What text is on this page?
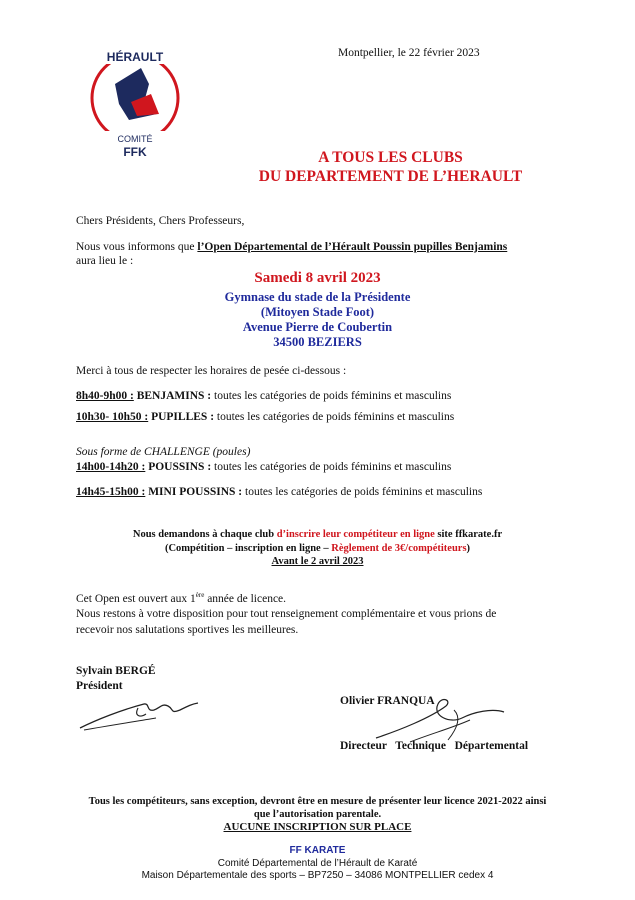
HÉRAULT
COMITÉ
FFK
Montpellier, le 22 février 2023
A TOUS LES CLUBS
DU DEPARTEMENT DE L’HERAULT
Chers Présidents, Chers Professeurs,
Nous vous informons que l’Open Départemental de l’Hérault Poussin pupilles Benjamins
aura lieu le :
Samedi 8 avril 2023
Gymnase du stade de la Présidente
(Mitoyen Stade Foot)
Avenue Pierre de Coubertin
34500 BEZIERS
Merci à tous de respecter les horaires de pesée ci-dessous :
8h40-9h00 : BENJAMINS : toutes les catégories de poids féminins et masculins
10h30- 10h50 : PUPILLES : toutes les catégories de poids féminins et masculins
Sous forme de CHALLENGE (poules)
14h00-14h20 : POUSSINS : toutes les catégories de poids féminins et masculins
14h45-15h00 : MINI POUSSINS : toutes les catégories de poids féminins et masculins
Nous demandons à chaque club d’inscrire leur compétiteur en ligne site ffkarate.fr
(Compétition – inscription en ligne – Règlement de 3€/compétiteurs)
Avant le 2 avril 2023
Cet Open est ouvert aux 1ère année de licence.
Nous restons à votre disposition pour tout renseignement complémentaire et vous prions de
recevoir nos salutations sportives les meilleures.
Sylvain BERGÉ
Président

Olivier FRANQUA

Directeur   Technique   Départemental

Tous les compétiteurs, sans exception, devront être en mesure de présenter leur licence 2021-2022 ainsi
que l’autorisation parentale.
AUCUNE INSCRIPTION SUR PLACE
FF KARATE
Comité Départemental de l’Hérault de Karaté
Maison Départementale des sports – BP7250 – 34086 MONTPELLIER cedex 4
